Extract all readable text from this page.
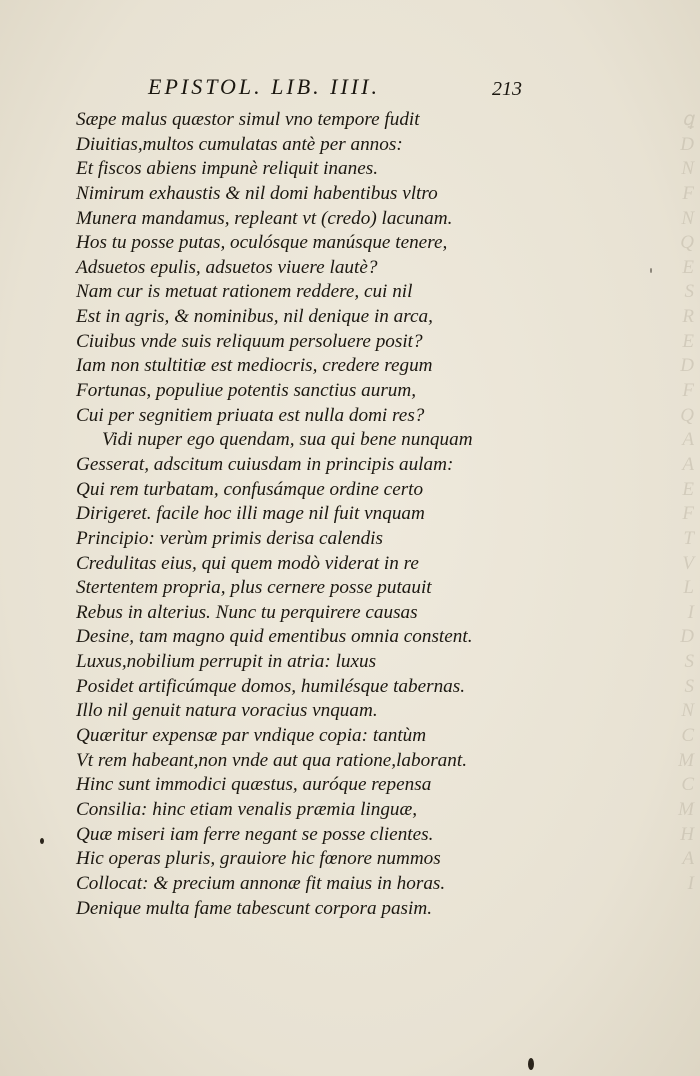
ꝗ
D
N
F
N
Q
E
S
R
E
D
F
Q
A
A
E
F
T
V
L
I
D
S
S
N
C
M
C
M
H
A
I
EPISTOL. LIB. IIII.	213
Sæpe malus quæstor simul vno tempore fudit
Diuitias,multos cumulatas antè per annos:
Et fiscos abiens impunè reliquit inanes.
Nimirum exhaustis & nil domi habentibus vltro
Munera mandamus, repleant vt (credo) lacunam.
Hos tu posse putas, oculósque manúsque tenere,
Adsuetos epulis, adsuetos viuere lautè?
Nam cur is metuat rationem reddere, cui nil
Est in agris, & nominibus, nil denique in arca,
Ciuibus vnde suis reliquum persoluere posit?
Iam non stultitiæ est mediocris, credere regum
Fortunas, populiue potentis sanctius aurum,
Cui per segnitiem priuata est nulla domi res?
Vidi nuper ego quendam, sua qui bene nunquam
Gesserat, adscitum cuiusdam in principis aulam:
Qui rem turbatam, confusámque ordine certo
Dirigeret. facile hoc illi mage nil fuit vnquam
Principio: verùm primis derisa calendis
Credulitas eius, qui quem modò viderat in re
Stertentem propria, plus cernere posse putauit
Rebus in alterius. Nunc tu perquirere causas
Desine, tam magno quid ementibus omnia constent.
Luxus,nobilium perrupit in atria: luxus
Posidet artificúmque domos, humilésque tabernas.
Illo nil genuit natura voracius vnquam.
Quæritur expensæ par vndique copia: tantùm
Vt rem habeant,non vnde aut qua ratione,laborant.
Hinc sunt immodici quæstus, auróque repensa
Consilia: hinc etiam venalis præmia linguæ,
Quæ miseri iam ferre negant se posse clientes.
Hic operas pluris, grauiore hic fœnore nummos
Collocat: & precium annonæ fit maius in horas.
Denique multa fame tabescunt corpora pasim.
